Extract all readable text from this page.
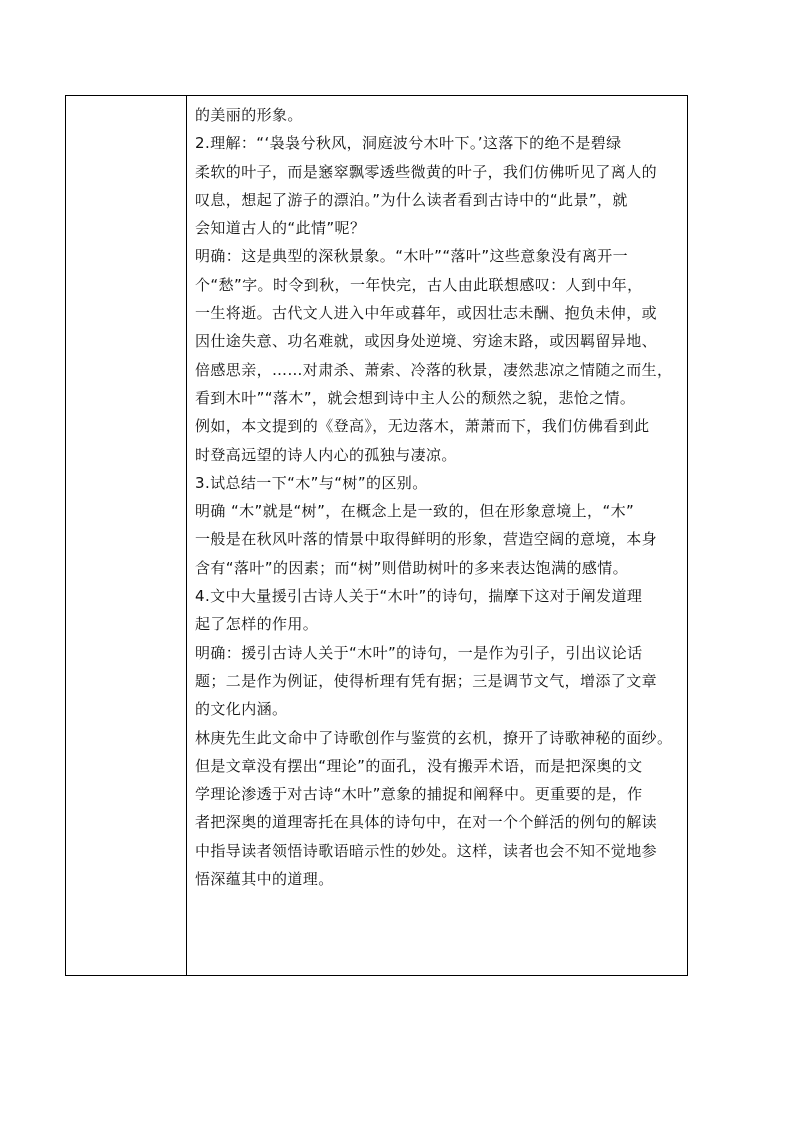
的美丽的形象。
2.理解：“‘袅袅兮秋风，洞庭波兮木叶下。’这落下的绝不是碧绿
柔软的叶子，而是窸窣飘零透些微黄的叶子，我们仿佛听见了离人的
叹息，想起了游子的漂泊。”为什么读者看到古诗中的“此景”，就
会知道古人的“此情”呢？
明确：这是典型的深秋景象。“木叶”“落叶”这些意象没有离开一
个“愁”字。时令到秋，一年快完，古人由此联想感叹：人到中年，
一生将逝。古代文人进入中年或暮年，或因壮志未酬、抱负未伸，或
因仕途失意、功名难就，或因身处逆境、穷途末路，或因羁留异地、
倍感思亲，……对肃杀、萧索、冷落的秋景，凄然悲凉之情随之而生，
看到木叶”“落木”，就会想到诗中主人公的颓然之貌，悲怆之情。
例如，本文提到的《登高》，无边落木，萧萧而下，我们仿佛看到此
时登高远望的诗人内心的孤独与凄凉。
3.试总结一下“木”与“树”的区别。
明确 “木”就是“树”，在概念上是一致的，但在形象意境上，“木”
一般是在秋风叶落的情景中取得鲜明的形象，营造空阔的意境，本身
含有“落叶”的因素；而“树”则借助树叶的多来表达饱满的感情。
4.文中大量援引古诗人关于“木叶”的诗句，揣摩下这对于阐发道理
起了怎样的作用。
明确：援引古诗人关于“木叶”的诗句，一是作为引子，引出议论话
题；二是作为例证，使得析理有凭有据；三是调节文气，增添了文章
的文化内涵。
林庚先生此文命中了诗歌创作与鉴赏的玄机，撩开了诗歌神秘的面纱。
但是文章没有摆出“理论”的面孔，没有搬弄术语，而是把深奥的文
学理论渗透于对古诗“木叶”意象的捕捉和阐释中。更重要的是，作
者把深奥的道理寄托在具体的诗句中，在对一个个鲜活的例句的解读
中指导读者领悟诗歌语暗示性的妙处。这样，读者也会不知不觉地参
悟深蕴其中的道理。
